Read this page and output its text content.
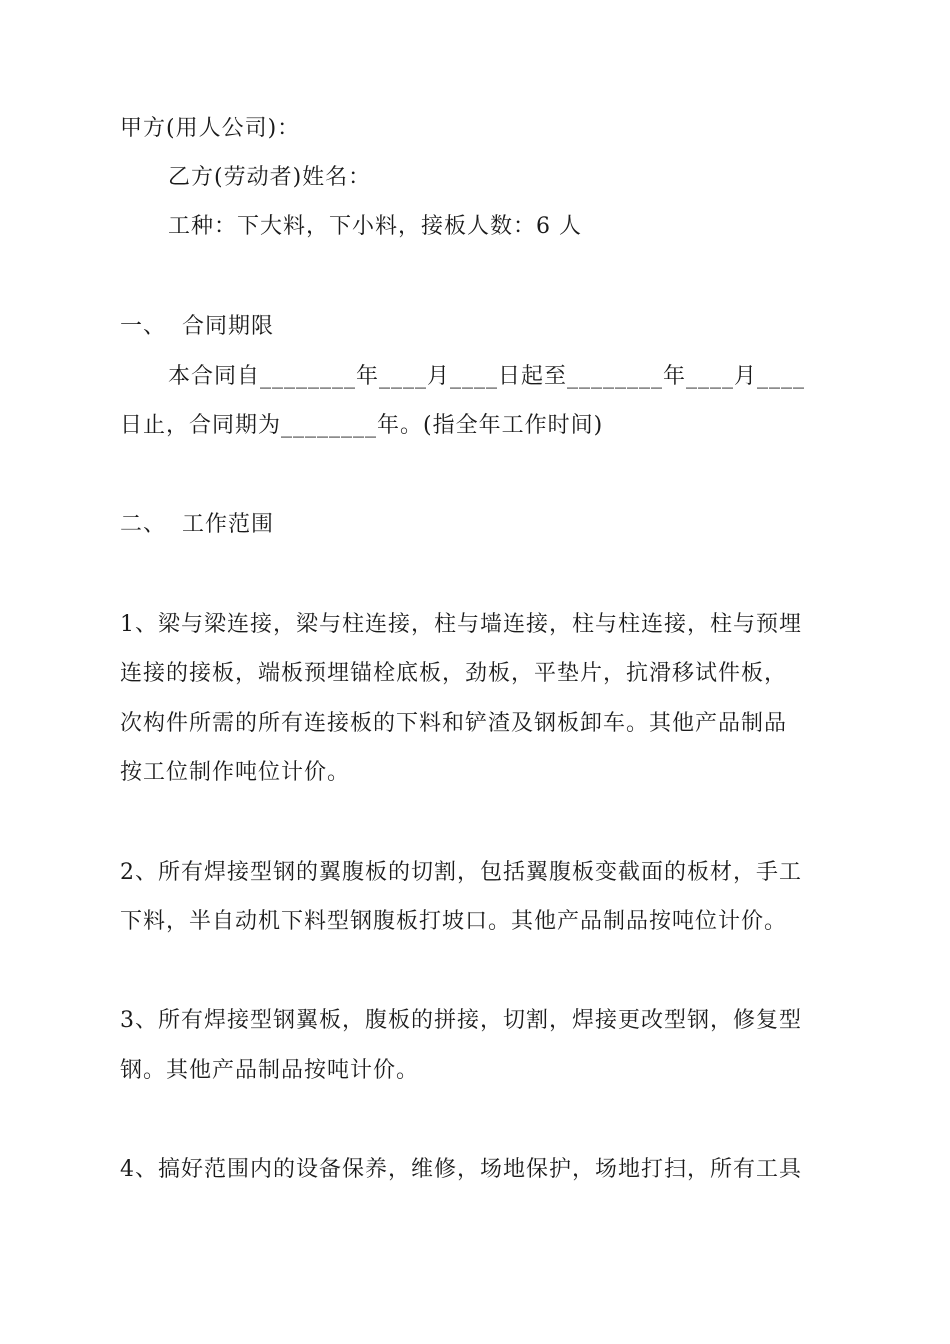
甲方(用人公司)：
乙方(劳动者)姓名：
工种：下大料，下小料，接板人数：6 人
一、 合同期限
本合同自________年____月____日起至________年____月____
日止，合同期为________年。(指全年工作时间)
二、 工作范围
1、梁与梁连接，梁与柱连接，柱与墙连接，柱与柱连接，柱与预埋
连接的接板，端板预埋锚栓底板，劲板，平垫片，抗滑移试件板，
次构件所需的所有连接板的下料和铲渣及钢板卸车。其他产品制品
按工位制作吨位计价。
2、所有焊接型钢的翼腹板的切割，包括翼腹板变截面的板材，手工
下料，半自动机下料型钢腹板打坡口。其他产品制品按吨位计价。
3、所有焊接型钢翼板，腹板的拼接，切割，焊接更改型钢，修复型
钢。其他产品制品按吨计价。
4、搞好范围内的设备保养，维修，场地保护，场地打扫，所有工具
